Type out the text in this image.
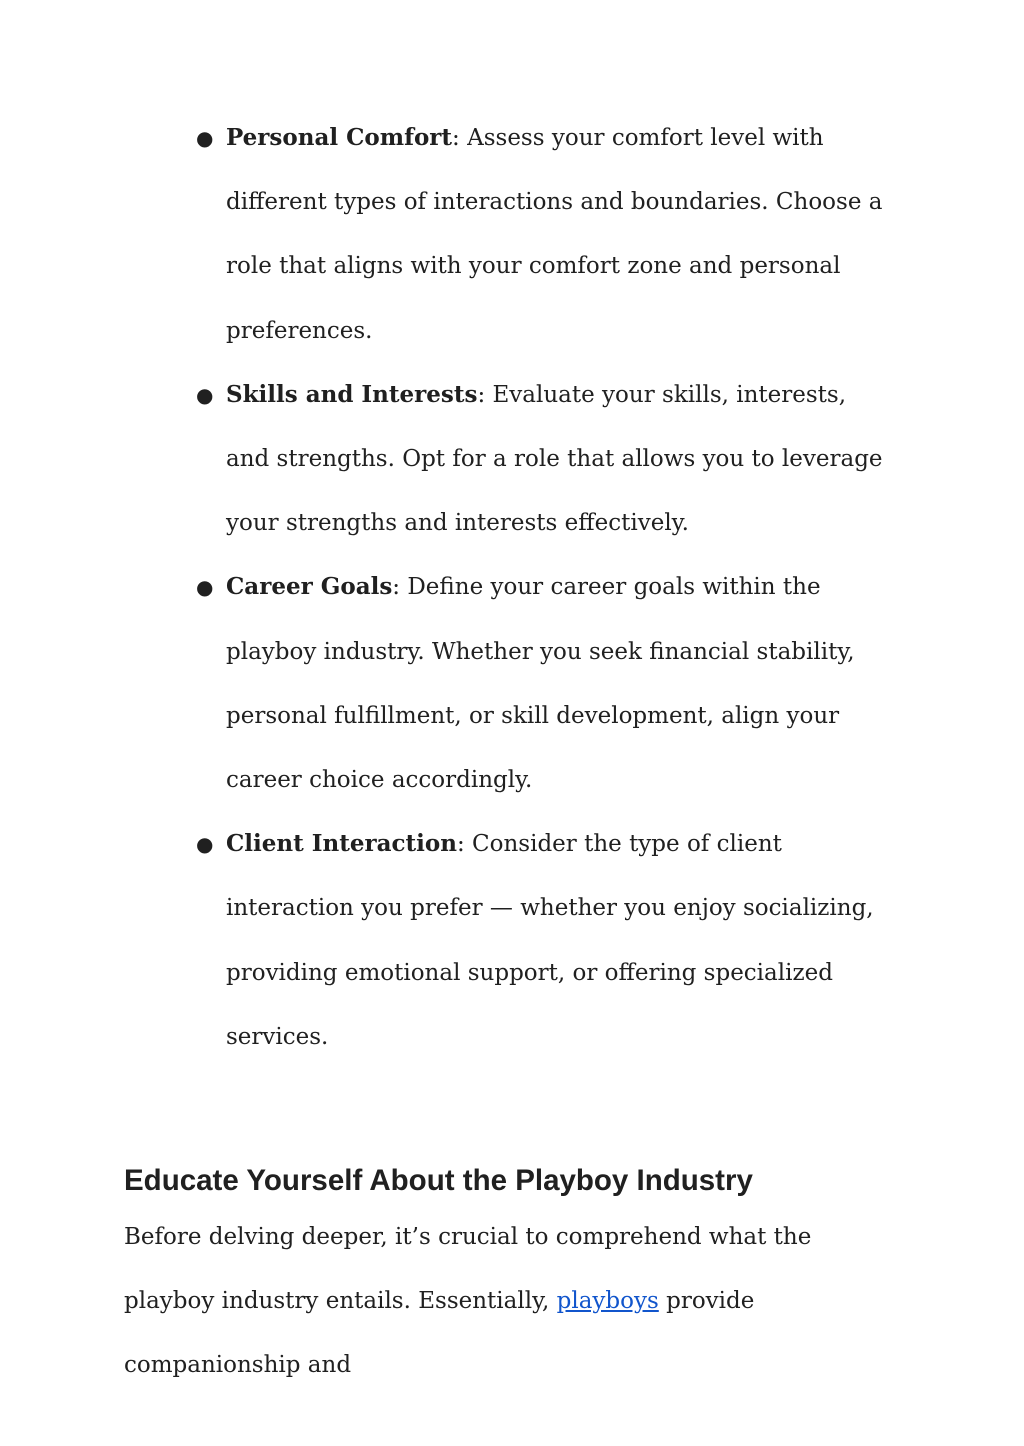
● Personal Comfort: Assess your comfort level with different types of interactions and boundaries. Choose a role that aligns with your comfort zone and personal preferences.
● Skills and Interests: Evaluate your skills, interests, and strengths. Opt for a role that allows you to leverage your strengths and interests effectively.
● Career Goals: Define your career goals within the playboy industry. Whether you seek financial stability, personal fulfillment, or skill development, align your career choice accordingly.
● Client Interaction: Consider the type of client interaction you prefer — whether you enjoy socializing, providing emotional support, or offering specialized services.
Educate Yourself About the Playboy Industry

Before delving deeper, it’s crucial to comprehend what the playboy industry entails. Essentially, playboys provide companionship and
